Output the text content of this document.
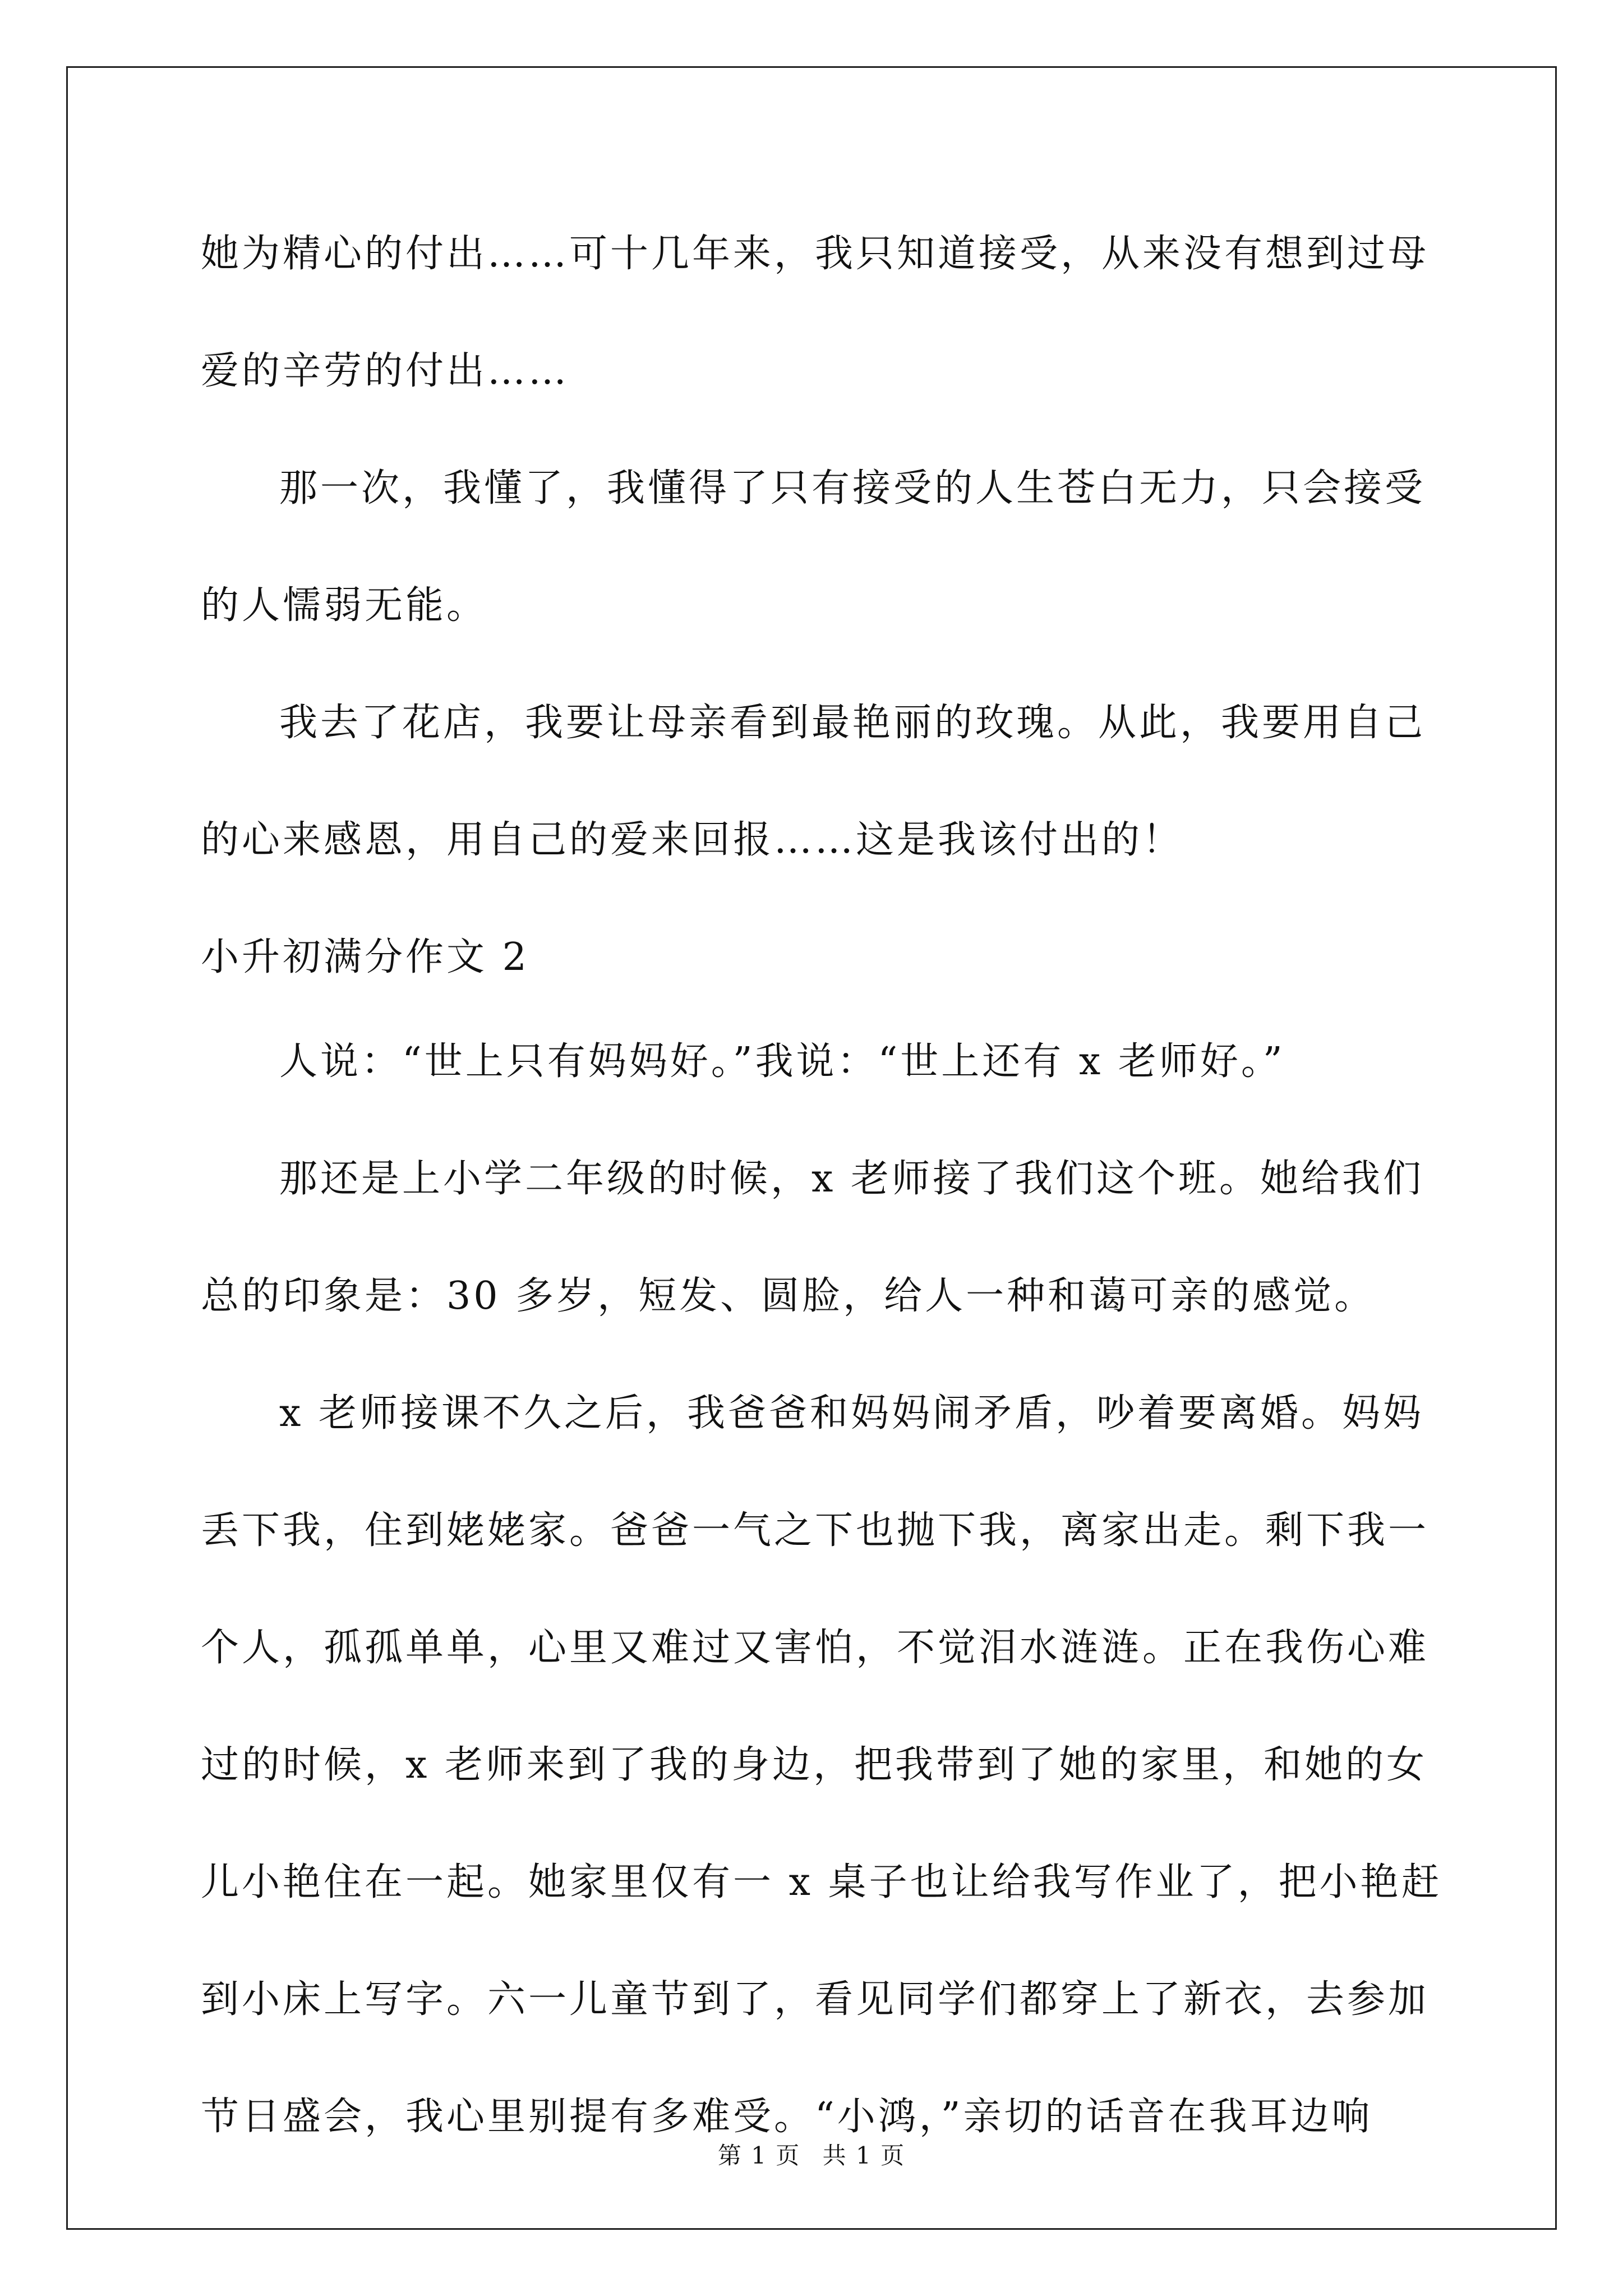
她为精心的付出……可十几年来，我只知道接受，从来没有想到过母
爱的辛劳的付出……
那一次，我懂了，我懂得了只有接受的人生苍白无力，只会接受
的人懦弱无能。
我去了花店，我要让母亲看到最艳丽的玫瑰。从此，我要用自己
的心来感恩，用自己的爱来回报……这是我该付出的！
小升初满分作文 2
人说：“世上只有妈妈好。”我说：“世上还有 x 老师好。”
那还是上小学二年级的时候，x 老师接了我们这个班。她给我们
总的印象是：30 多岁，短发、圆脸，给人一种和蔼可亲的感觉。
x 老师接课不久之后，我爸爸和妈妈闹矛盾，吵着要离婚。妈妈
丢下我，住到姥姥家。爸爸一气之下也抛下我，离家出走。剩下我一
个人，孤孤单单，心里又难过又害怕，不觉泪水涟涟。正在我伤心难
过的时候，x 老师来到了我的身边，把我带到了她的家里，和她的女
儿小艳住在一起。她家里仅有一 x 桌子也让给我写作业了，把小艳赶
到小床上写字。六一儿童节到了，看见同学们都穿上了新衣，去参加
节日盛会，我心里别提有多难受。“小鸿，”亲切的话音在我耳边响
第 1 页 共 1 页
